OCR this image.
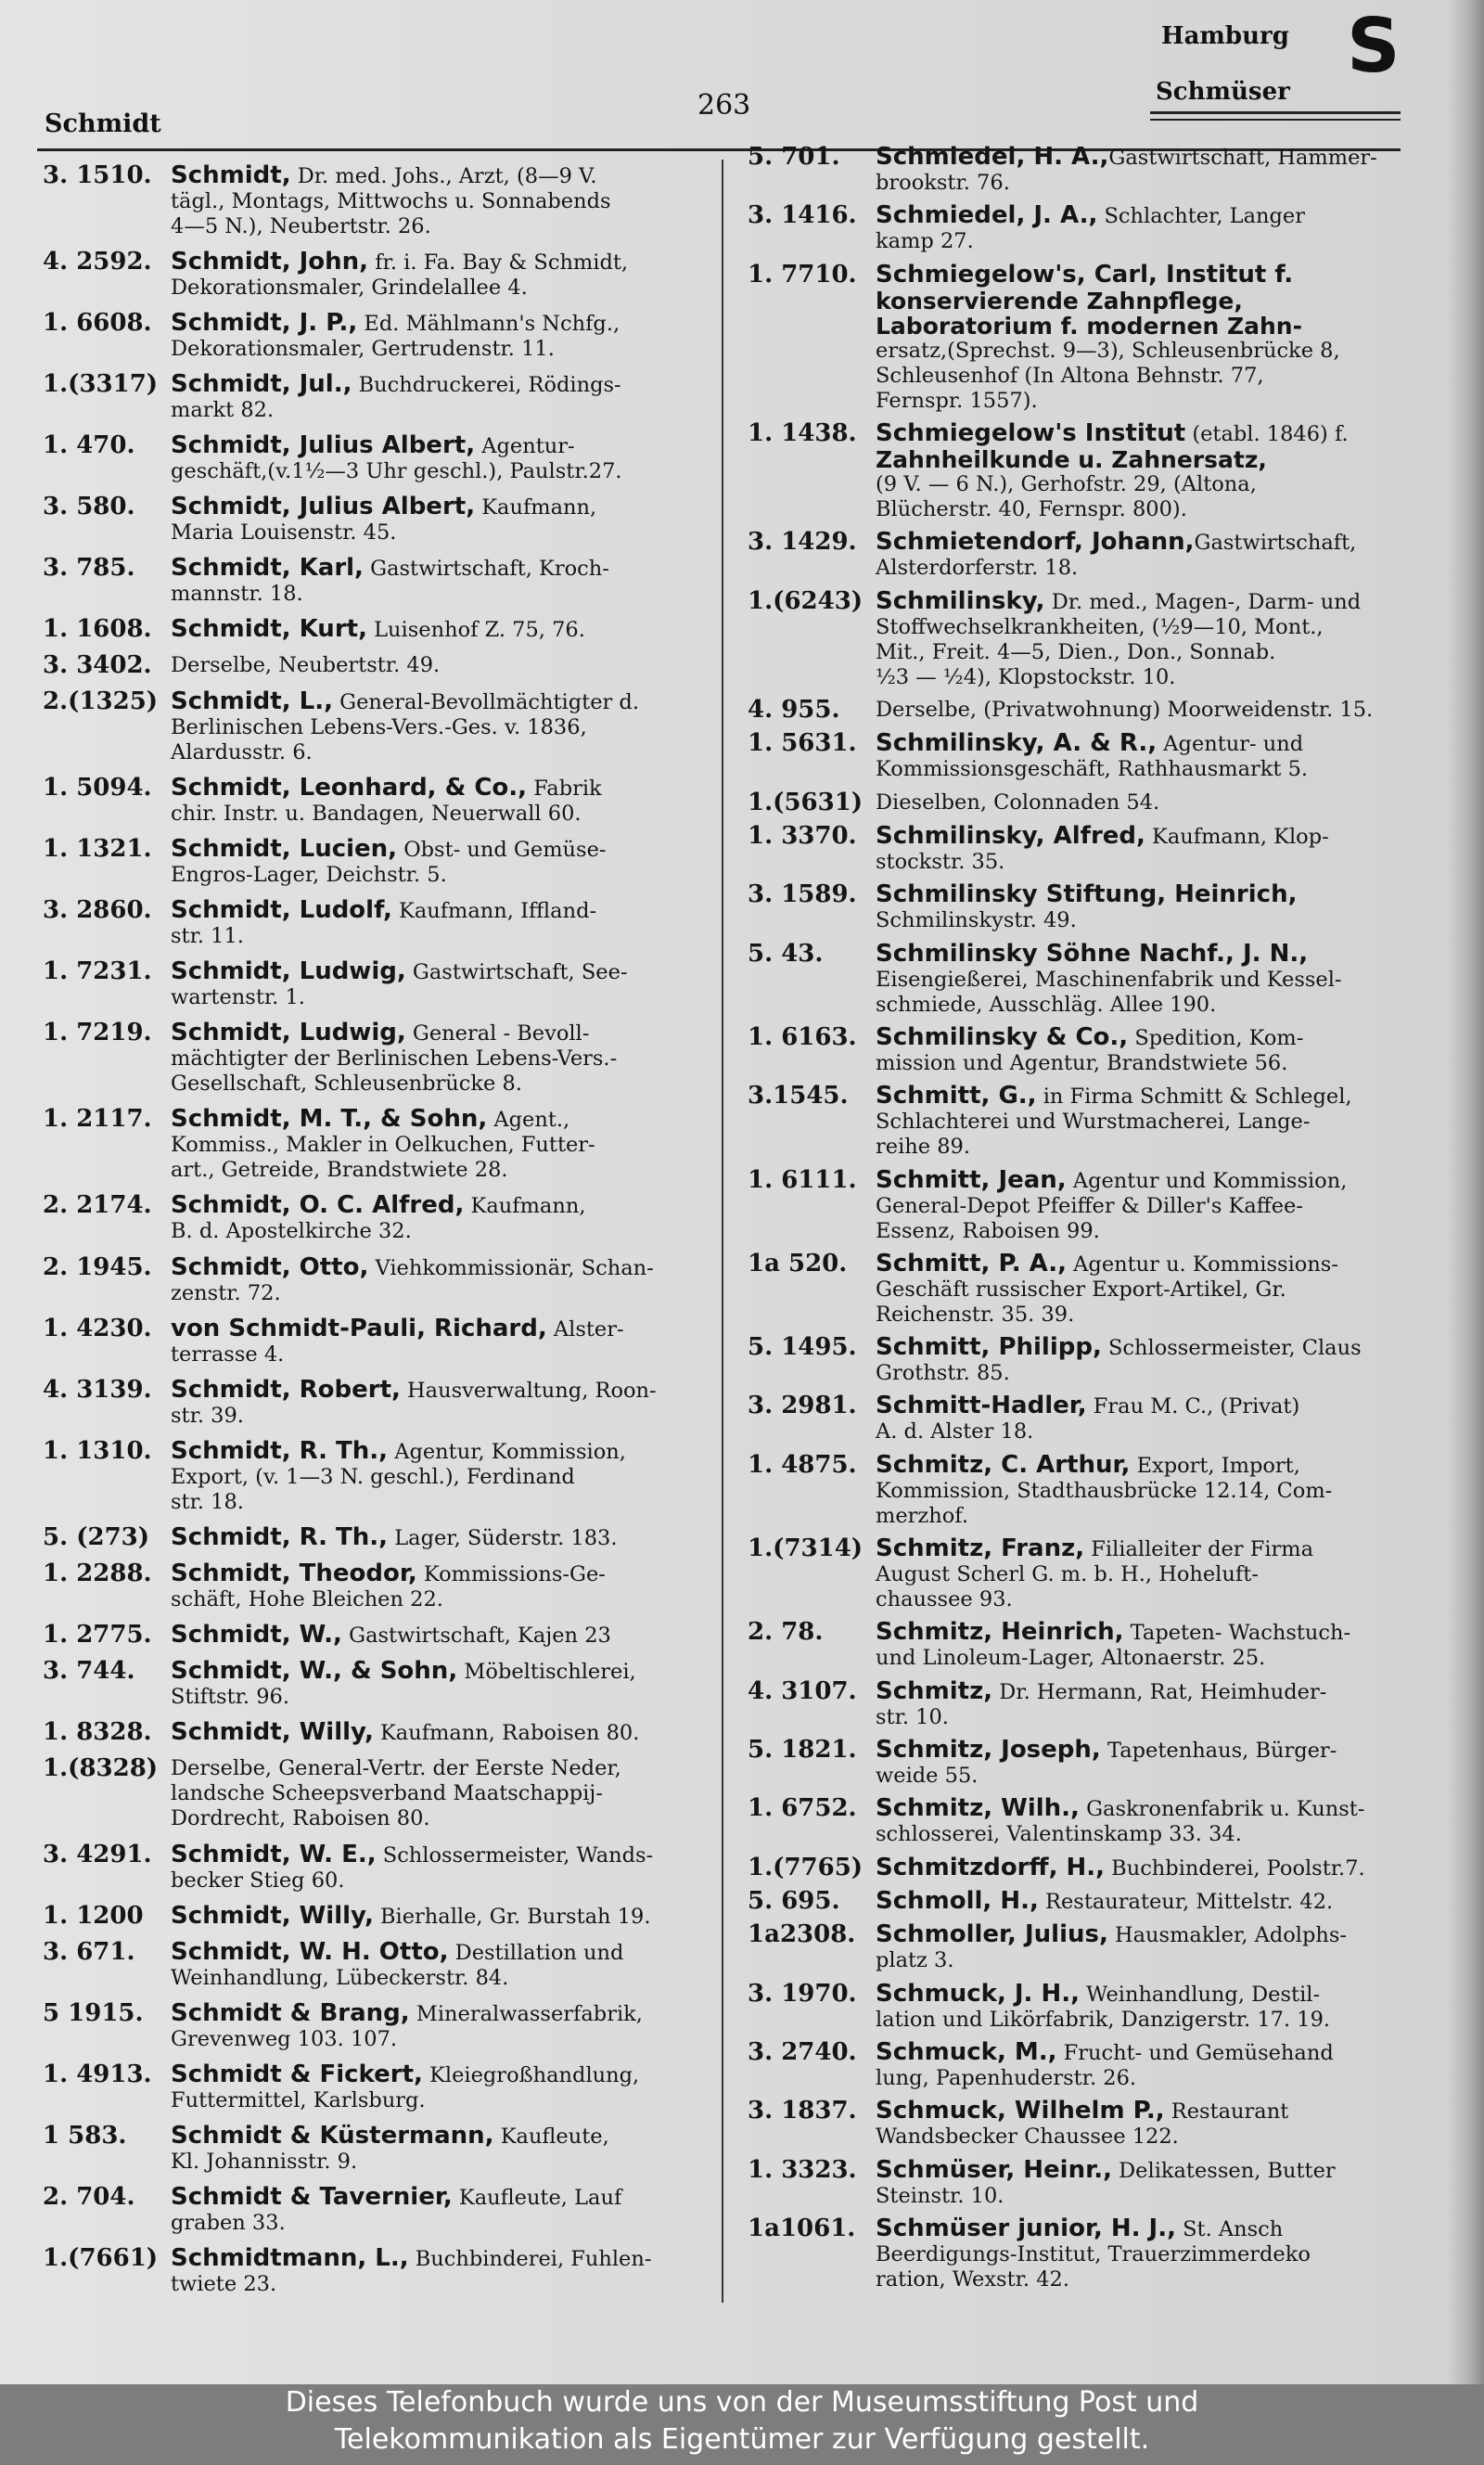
Hamburg S
Schmüser
263
Schmidt
3. 1510. Schmidt, Dr. med. Johs., Arzt, (8—9 V.
tägl., Montags, Mittwochs u. Sonnabends
4—5 N.), Neubertstr. 26.
4. 2592. Schmidt, John, fr. i. Fa. Bay & Schmidt,
Dekorationsmaler, Grindelallee 4.
1. 6608. Schmidt, J. P., Ed. Mählmann's Nchfg.,
Dekorationsmaler, Gertrudenstr. 11.
1.(3317) Schmidt, Jul., Buchdruckerei, Rödings-
markt 82.
1. 470. Schmidt, Julius Albert, Agentur-
geschäft,(v.1½—3 Uhr geschl.), Paulstr.27.
3. 580. Schmidt, Julius Albert, Kaufmann,
Maria Louisenstr. 45.
3. 785. Schmidt, Karl, Gastwirtschaft, Kroch-
mannstr. 18.
1. 1608. Schmidt, Kurt, Luisenhof Z. 75, 76.
3. 3402. Derselbe, Neubertstr. 49.
2.(1325) Schmidt, L., General-Bevollmächtigter d.
Berlinischen Lebens-Vers.-Ges. v. 1836,
Alardusstr. 6.
1. 5094. Schmidt, Leonhard, & Co., Fabrik
chir. Instr. u. Bandagen, Neuerwall 60.
1. 1321. Schmidt, Lucien, Obst- und Gemüse-
Engros-Lager, Deichstr. 5.
3. 2860. Schmidt, Ludolf, Kaufmann, Iffland-
str. 11.
1. 7231. Schmidt, Ludwig, Gastwirtschaft, See-
wartenstr. 1.
1. 7219. Schmidt, Ludwig, General - Bevoll-
mächtigter der Berlinischen Lebens-Vers.-
Gesellschaft, Schleusenbrücke 8.
1. 2117. Schmidt, M. T., & Sohn, Agent.,
Kommiss., Makler in Oelkuchen, Futter-
art., Getreide, Brandstwiete 28.
2. 2174. Schmidt, O. C. Alfred, Kaufmann,
B. d. Apostelkirche 32.
2. 1945. Schmidt, Otto, Viehkommissionär, Schan-
zenstr. 72.
1. 4230. von Schmidt-Pauli, Richard, Alster-
terrasse 4.
4. 3139. Schmidt, Robert, Hausverwaltung, Roon-
str. 39.
1. 1310. Schmidt, R. Th., Agentur, Kommission,
Export, (v. 1—3 N. geschl.), Ferdinand
str. 18.
5. (273) Schmidt, R. Th., Lager, Süderstr. 183.
1. 2288. Schmidt, Theodor, Kommissions-Ge-
schäft, Hohe Bleichen 22.
1. 2775. Schmidt, W., Gastwirtschaft, Kajen 23
3. 744. Schmidt, W., & Sohn, Möbeltischlerei,
Stiftstr. 96.
1. 8328. Schmidt, Willy, Kaufmann, Raboisen 80.
1.(8328) Derselbe, General-Vertr. der Eerste Neder,
landsche Scheepsverband Maatschappij-
Dordrecht, Raboisen 80.
3. 4291. Schmidt, W. E., Schlossermeister, Wands-
becker Stieg 60.
1. 1200 Schmidt, Willy, Bierhalle, Gr. Burstah 19.
3. 671. Schmidt, W. H. Otto, Destillation und
Weinhandlung, Lübeckerstr. 84.
5 1915. Schmidt & Brang, Mineralwasserfabrik,
Grevenweg 103. 107.
1. 4913. Schmidt & Fickert, Kleiegroßhandlung,
Futtermittel, Karlsburg.
1 583. Schmidt & Küstermann, Kaufleute,
Kl. Johannisstr. 9.
2. 704. Schmidt & Tavernier, Kaufleute, Lauf
graben 33.
1.(7661) Schmidtmann, L., Buchbinderei, Fuhlen-
twiete 23.
5. 701. Schmiedel, H. A.,Gastwirtschaft, Hammer-
brookstr. 76.
3. 1416. Schmiedel, J. A., Schlachter, Langer
kamp 27.
1. 7710. Schmiegelow's, Carl, Institut f.
konservierende Zahnpflege,
Laboratorium f. modernen Zahn-
ersatz,(Sprechst. 9—3), Schleusenbrücke 8,
Schleusenhof (In Altona Behnstr. 77,
Fernspr. 1557).
1. 1438. Schmiegelow's Institut (etabl. 1846) f.
Zahnheilkunde u. Zahnersatz,
(9 V. — 6 N.), Gerhofstr. 29, (Altona,
Blücherstr. 40, Fernspr. 800).
3. 1429. Schmietendorf, Johann,Gastwirtschaft,
Alsterdorferstr. 18.
1.(6243) Schmilinsky, Dr. med., Magen-, Darm- und
Stoffwechselkrankheiten, (½9—10, Mont.,
Mit., Freit. 4—5, Dien., Don., Sonnab.
½3 — ½4), Klopstockstr. 10.
4. 955. Derselbe, (Privatwohnung) Moorweidenstr. 15.
1. 5631. Schmilinsky, A. & R., Agentur- und
Kommissionsgeschäft, Rathhausmarkt 5.
1.(5631) Dieselben, Colonnaden 54.
1. 3370. Schmilinsky, Alfred, Kaufmann, Klop-
stockstr. 35.
3. 1589. Schmilinsky Stiftung, Heinrich,
Schmilinskystr. 49.
5. 43. Schmilinsky Söhne Nachf., J. N.,
Eisengießerei, Maschinenfabrik und Kessel-
schmiede, Ausschläg. Allee 190.
1. 6163. Schmilinsky & Co., Spedition, Kom-
mission und Agentur, Brandstwiete 56.
3.1545. Schmitt, G., in Firma Schmitt & Schlegel,
Schlachterei und Wurstmacherei, Lange-
reihe 89.
1. 6111. Schmitt, Jean, Agentur und Kommission,
General-Depot Pfeiffer & Diller's Kaffee-
Essenz, Raboisen 99.
1a 520. Schmitt, P. A., Agentur u. Kommissions-
Geschäft russischer Export-Artikel, Gr.
Reichenstr. 35. 39.
5. 1495. Schmitt, Philipp, Schlossermeister, Claus
Grothstr. 85.
3. 2981. Schmitt-Hadler, Frau M. C., (Privat)
A. d. Alster 18.
1. 4875. Schmitz, C. Arthur, Export, Import,
Kommission, Stadthausbrücke 12.14, Com-
merzhof.
1.(7314) Schmitz, Franz, Filialleiter der Firma
August Scherl G. m. b. H., Hoheluft-
chaussee 93.
2. 78. Schmitz, Heinrich, Tapeten- Wachstuch-
und Linoleum-Lager, Altonaerstr. 25.
4. 3107. Schmitz, Dr. Hermann, Rat, Heimhuder-
str. 10.
5. 1821. Schmitz, Joseph, Tapetenhaus, Bürger-
weide 55.
1. 6752. Schmitz, Wilh., Gaskronenfabrik u. Kunst-
schlosserei, Valentinskamp 33. 34.
1.(7765) Schmitzdorff, H., Buchbinderei, Poolstr.7.
5. 695. Schmoll, H., Restaurateur, Mittelstr. 42.
1a2308. Schmoller, Julius, Hausmakler, Adolphs-
platz 3.
3. 1970. Schmuck, J. H., Weinhandlung, Destil-
lation und Likörfabrik, Danzigerstr. 17. 19.
3. 2740. Schmuck, M., Frucht- und Gemüsehand
lung, Papenhuderstr. 26.
3. 1837. Schmuck, Wilhelm P., Restaurant
Wandsbecker Chaussee 122.
1. 3323. Schmüser, Heinr., Delikatessen, Butter
Steinstr. 10.
1a1061. Schmüser junior, H. J., St. Ansch
Beerdigungs-Institut, Trauerzimmerdeko
ration, Wexstr. 42.
Dieses Telefonbuch wurde uns von der Museumsstiftung Post und
Telekommunikation als Eigentümer zur Verfügung gestellt.
